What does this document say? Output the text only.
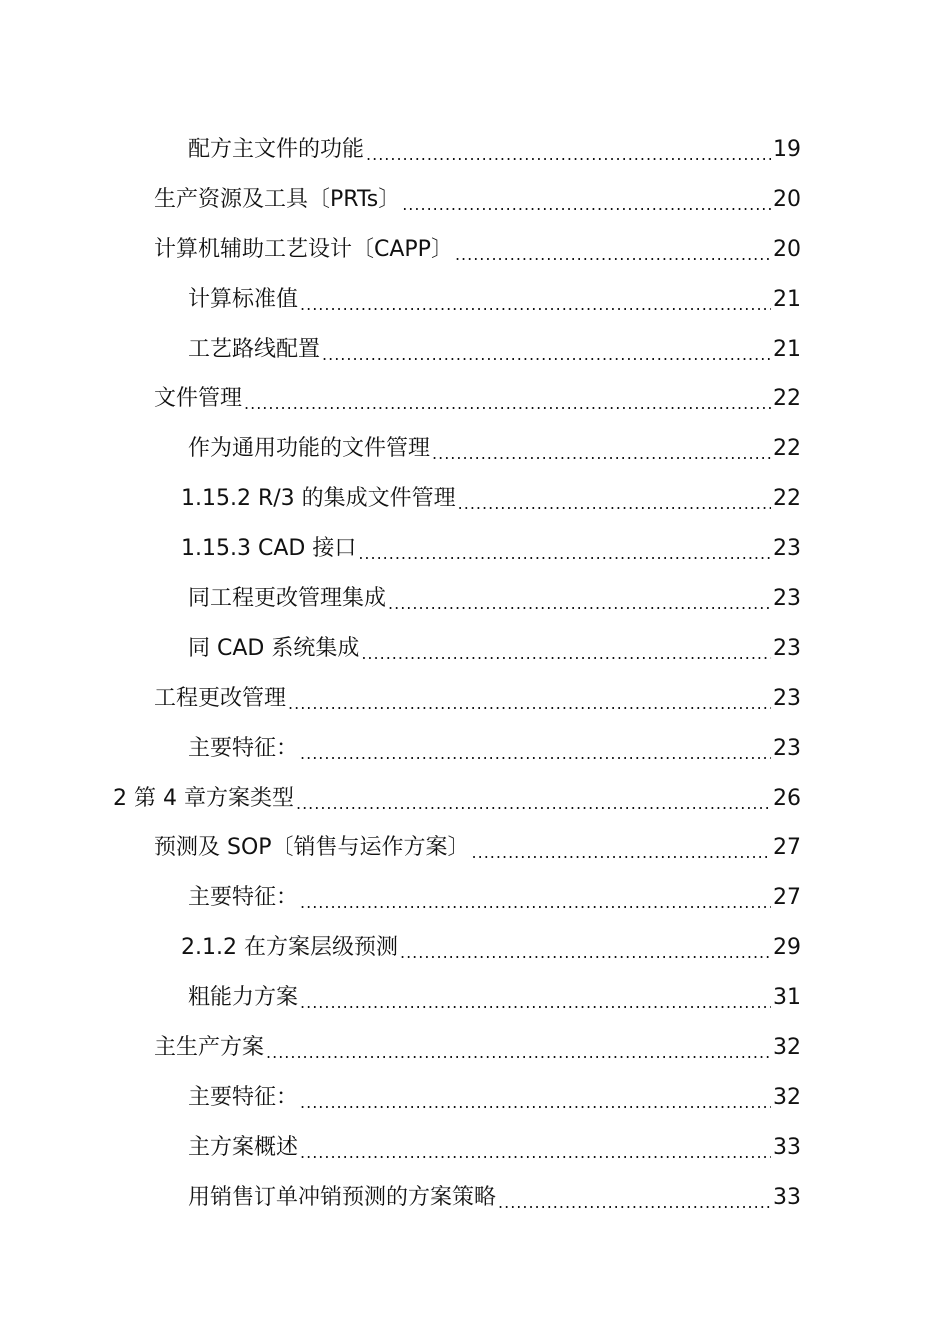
配方主文件的功能 .....	19
生产资源及工具〔PRTs〕 .....	20
计算机辅助工艺设计〔CAPP〕 .....	20
计算标准值 .....	21
工艺路线配置 .....	21
文件管理 .....	22
作为通用功能的文件管理 .....	22
1.15.2 R/3 的集成文件管理 .....	22
1.15.3 CAD 接口 .....	23
同工程更改管理集成 .....	23
同 CAD 系统集成 .....	23
工程更改管理 .....	23
主要特征： .....	23
2 第 4 章方案类型 .....	26
预测及 SOP〔销售与运作方案〕 .....	27
主要特征： .....	27
2.1.2 在方案层级预测 .....	29
粗能力方案 .....	31
主生产方案 .....	32
主要特征： .....	32
主方案概述 .....	33
用销售订单冲销预测的方案策略 .....	33
